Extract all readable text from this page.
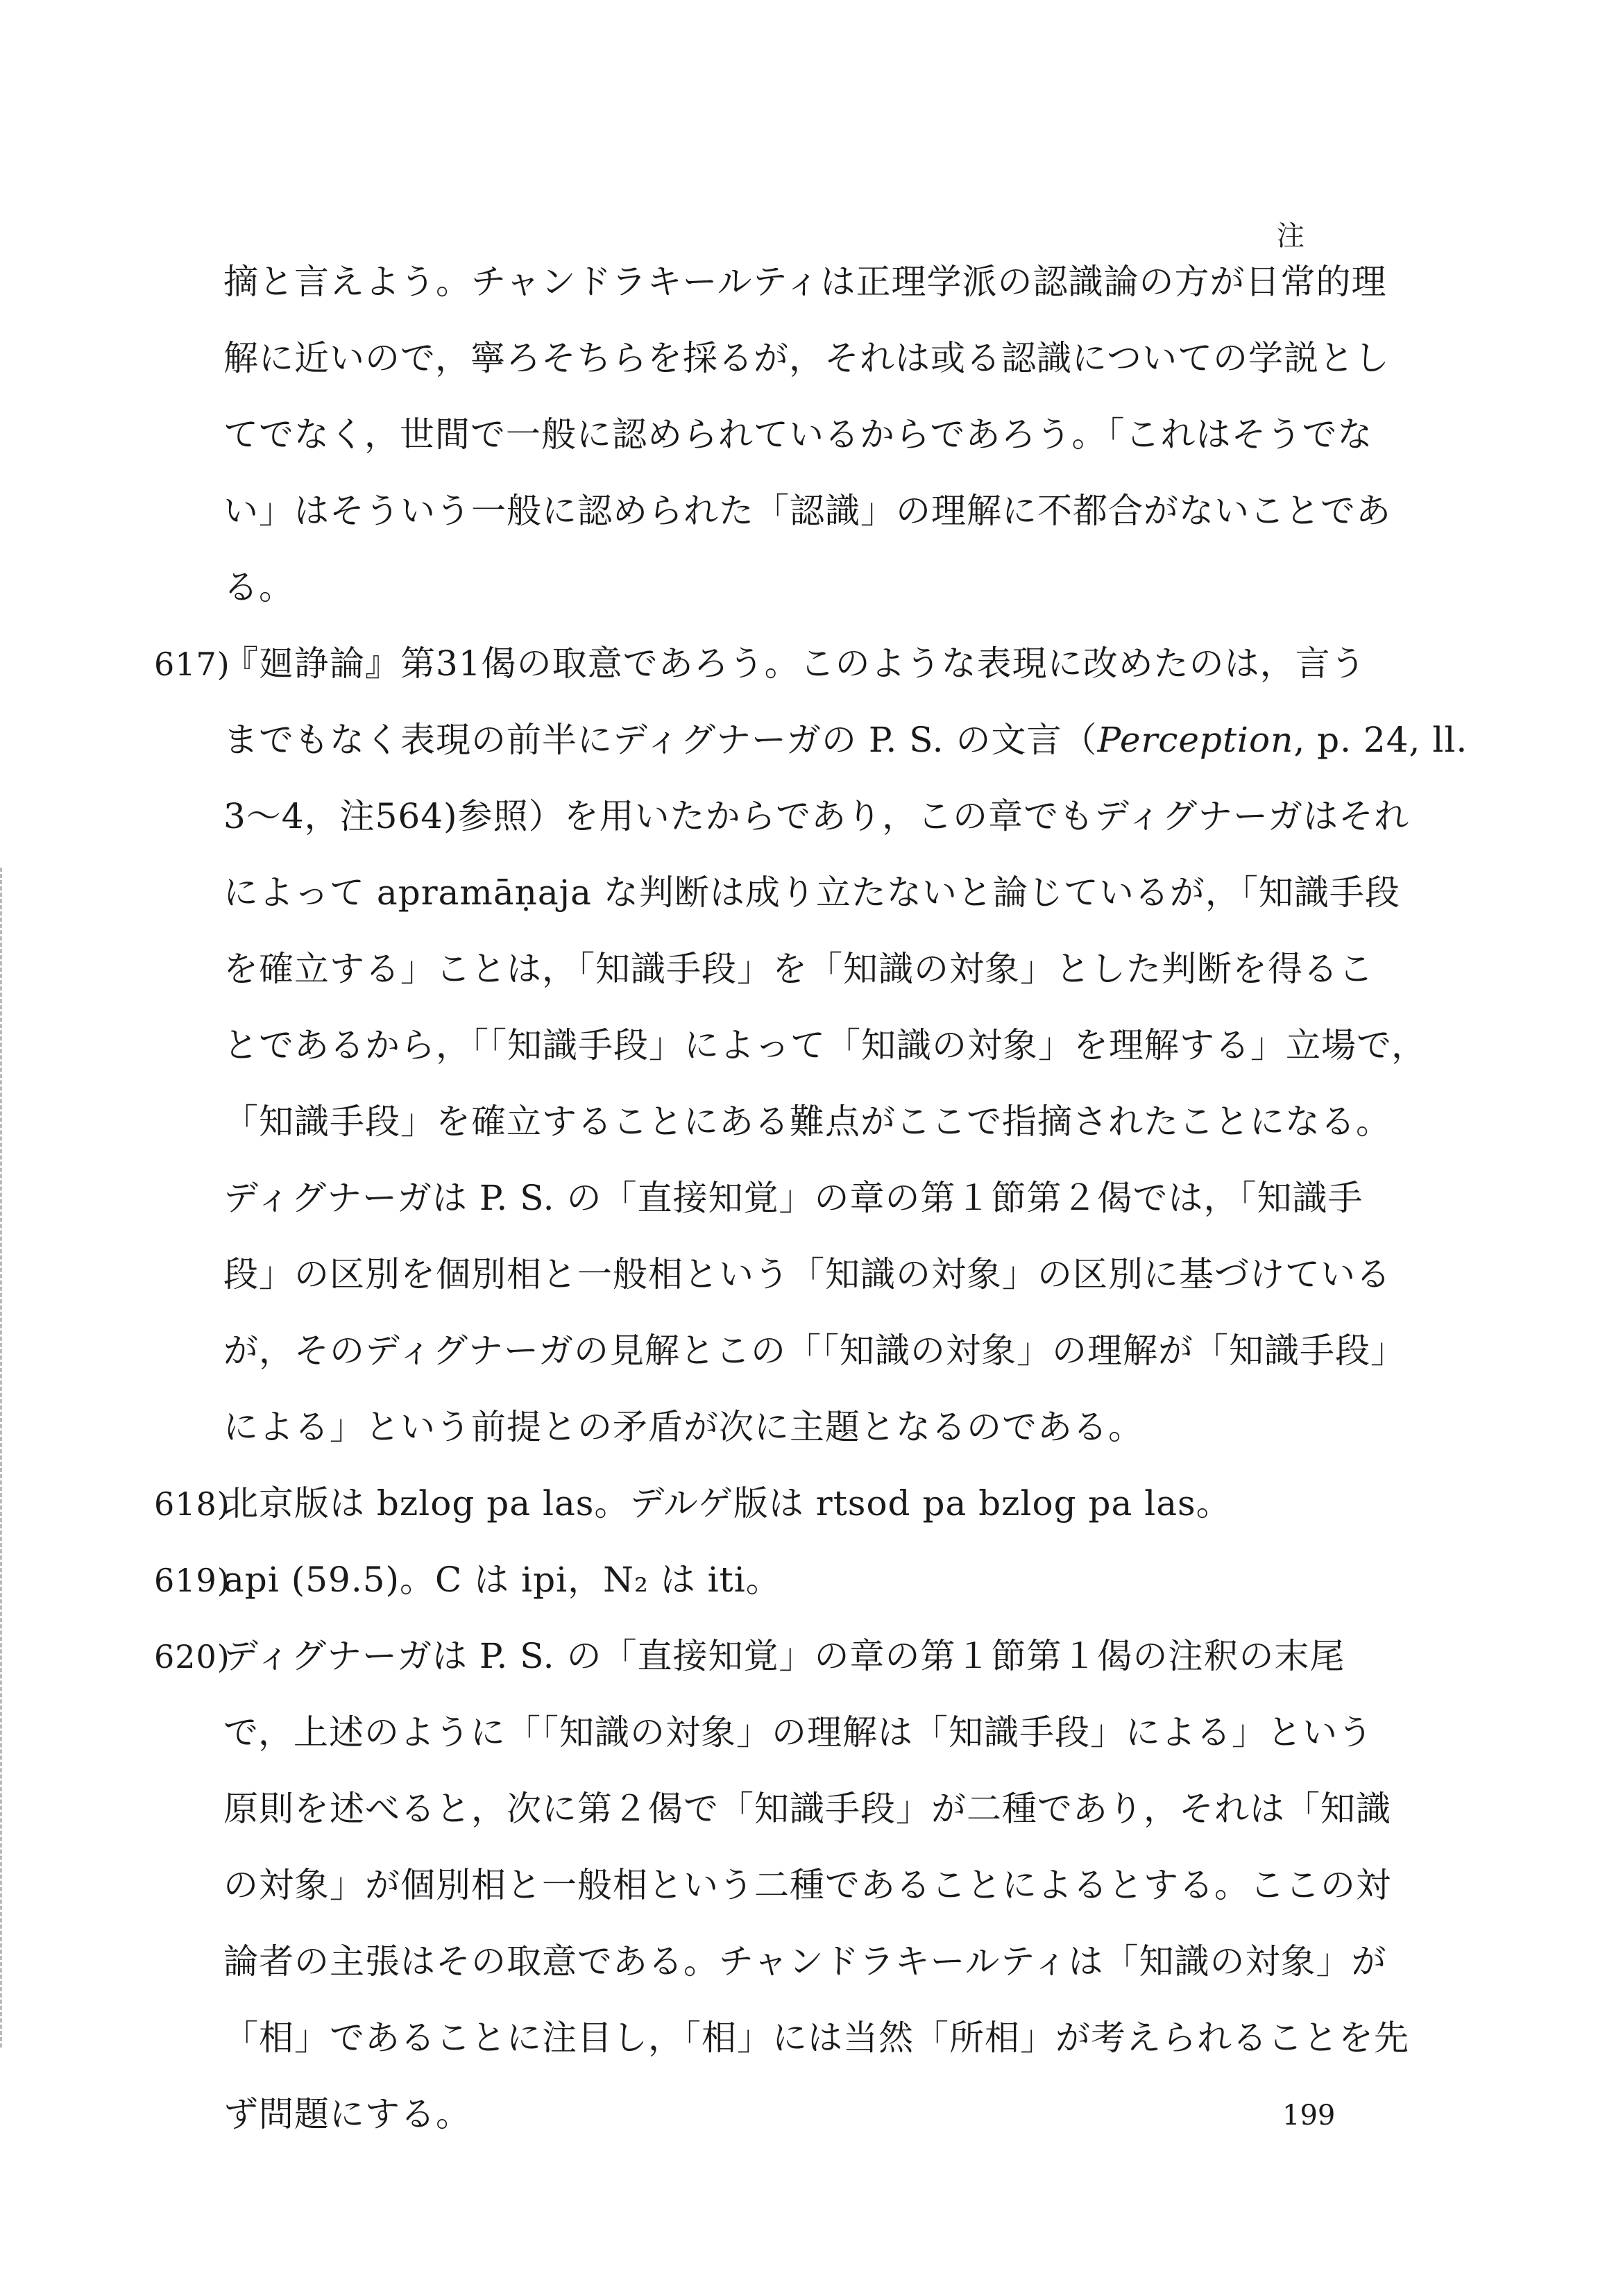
注
摘と言えよう。チャンドラキールティは正理学派の認識論の方が日常的理
解に近いので，寧ろそちらを採るが，それは或る認識についての学説とし
てでなく，世間で一般に認められているからであろう。「これはそうでな
い」はそういう一般に認められた「認識」の理解に不都合がないことであ
る。
617)『廻諍論』第31偈の取意であろう。このような表現に改めたのは，言う
までもなく表現の前半にディグナーガの P. S. の文言（Perception, p. 24, ll.
3〜4，注564)参照）を用いたからであり，この章でもディグナーガはそれ
によって apramāṇaja な判断は成り立たないと論じているが，「知識手段
を確立する」ことは，「知識手段」を「知識の対象」とした判断を得るこ
とであるから，「「知識手段」によって「知識の対象」を理解する」立場で，
「知識手段」を確立することにある難点がここで指摘されたことになる。
ディグナーガは P. S. の「直接知覚」の章の第１節第２偈では，「知識手
段」の区別を個別相と一般相という「知識の対象」の区別に基づけている
が，そのディグナーガの見解とこの「「知識の対象」の理解が「知識手段」
による」という前提との矛盾が次に主題となるのである。
618)北京版は bzlog pa las。デルゲ版は rtsod pa bzlog pa las。
619)api (59.5)。C は ipi，N₂ は iti。
620)ディグナーガは P. S. の「直接知覚」の章の第１節第１偈の注釈の末尾
で，上述のように「「知識の対象」の理解は「知識手段」による」という
原則を述べると，次に第２偈で「知識手段」が二種であり，それは「知識
の対象」が個別相と一般相という二種であることによるとする。ここの対
論者の主張はその取意である。チャンドラキールティは「知識の対象」が
「相」であることに注目し，「相」には当然「所相」が考えられることを先
ず問題にする。	199
